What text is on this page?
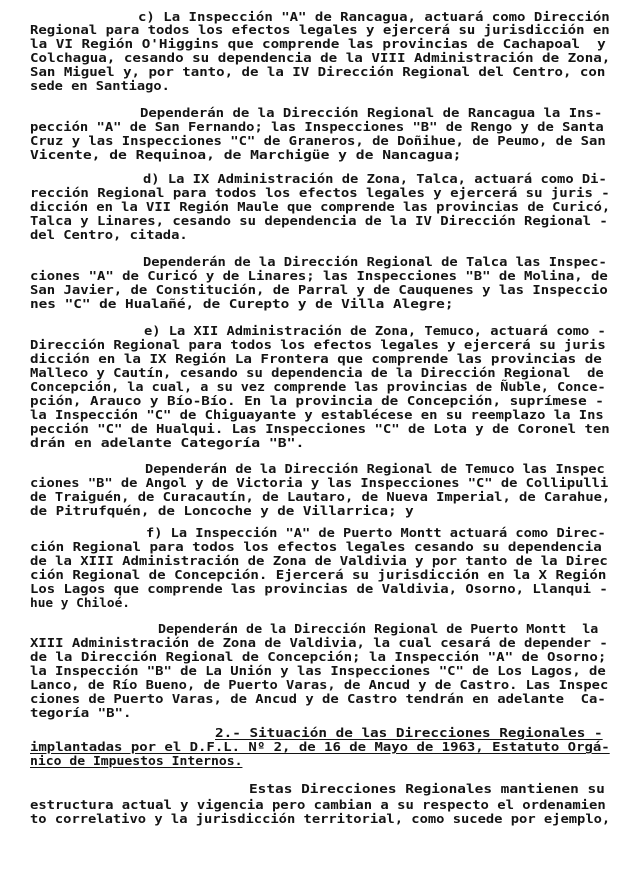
c) La Inspección "A" de Rancagua, actuará como Dirección
Regional para todos los efectos legales y ejercerá su jurisdicción en
la VI Región O'Higgins que comprende las provincias de Cachapoal  y
Colchagua, cesando su dependencia de la VIII Administración de Zona,
San Miguel y, por tanto, de la IV Dirección Regional del Centro, con
sede en Santiago.
Dependerán de la Dirección Regional de Rancagua la Ins-
pección "A" de San Fernando; las Inspecciones "B" de Rengo y de Santa
Cruz y las Inspecciones "C" de Graneros, de Doñihue, de Peumo, de San
Vicente, de Requinoa, de Marchigüe y de Nancagua;
d) La IX Administración de Zona, Talca, actuará como Di-
rección Regional para todos los efectos legales y ejercerá su juris -
dicción en la VII Región Maule que comprende las provincias de Curicó,
Talca y Linares, cesando su dependencia de la IV Dirección Regional -
del Centro, citada.
Dependerán de la Dirección Regional de Talca las Inspec-
ciones "A" de Curicó y de Linares; las Inspecciones "B" de Molina, de
San Javier, de Constitución, de Parral y de Cauquenes y las Inspeccio
nes "C" de Hualañé, de Curepto y de Villa Alegre;
e) La XII Administración de Zona, Temuco, actuará como -
Dirección Regional para todos los efectos legales y ejercerá su juris
dicción en la IX Región La Frontera que comprende las provincias de
Malleco y Cautín, cesando su dependencia de la Dirección Regional  de
Concepción, la cual, a su vez comprende las provincias de Ñuble, Conce-
pción, Arauco y Bío-Bío. En la provincia de Concepción, suprímese -
la Inspección "C" de Chiguayante y establécese en su reemplazo la Ins
pección "C" de Hualqui. Las Inspecciones "C" de Lota y de Coronel ten
drán en adelante Categoría "B".
Dependerán de la Dirección Regional de Temuco las Inspec
ciones "B" de Angol y de Victoria y las Inspecciones "C" de Collipulli
de Traiguén, de Curacautín, de Lautaro, de Nueva Imperial, de Carahue,
de Pitrufquén, de Loncoche y de Villarrica; y
f) La Inspección "A" de Puerto Montt actuará como Direc-
ción Regional para todos los efectos legales cesando su dependencia
de la XIII Administración de Zona de Valdivia y por tanto de la Direc
ción Regional de Concepción. Ejercerá su jurisdicción en la X Región
Los Lagos que comprende las provincias de Valdivia, Osorno, Llanqui -
hue y Chiloé.
Dependerán de la Dirección Regional de Puerto Montt  la
XIII Administración de Zona de Valdivia, la cual cesará de depender -
de la Dirección Regional de Concepción; la Inspección "A" de Osorno;
la Inspección "B" de La Unión y las Inspecciones "C" de Los Lagos, de
Lanco, de Río Bueno, de Puerto Varas, de Ancud y de Castro. Las Inspec
ciones de Puerto Varas, de Ancud y de Castro tendrán en adelante  Ca-
tegoría "B".
2.- Situación de las Direcciones Regionales -
implantadas por el D.F.L. Nº 2, de 16 de Mayo de 1963, Estatuto Orgá-
nico de Impuestos Internos.
Estas Direcciones Regionales mantienen su
estructura actual y vigencia pero cambian a su respecto el ordenamien
to correlativo y la jurisdicción territorial, como sucede por ejemplo,
